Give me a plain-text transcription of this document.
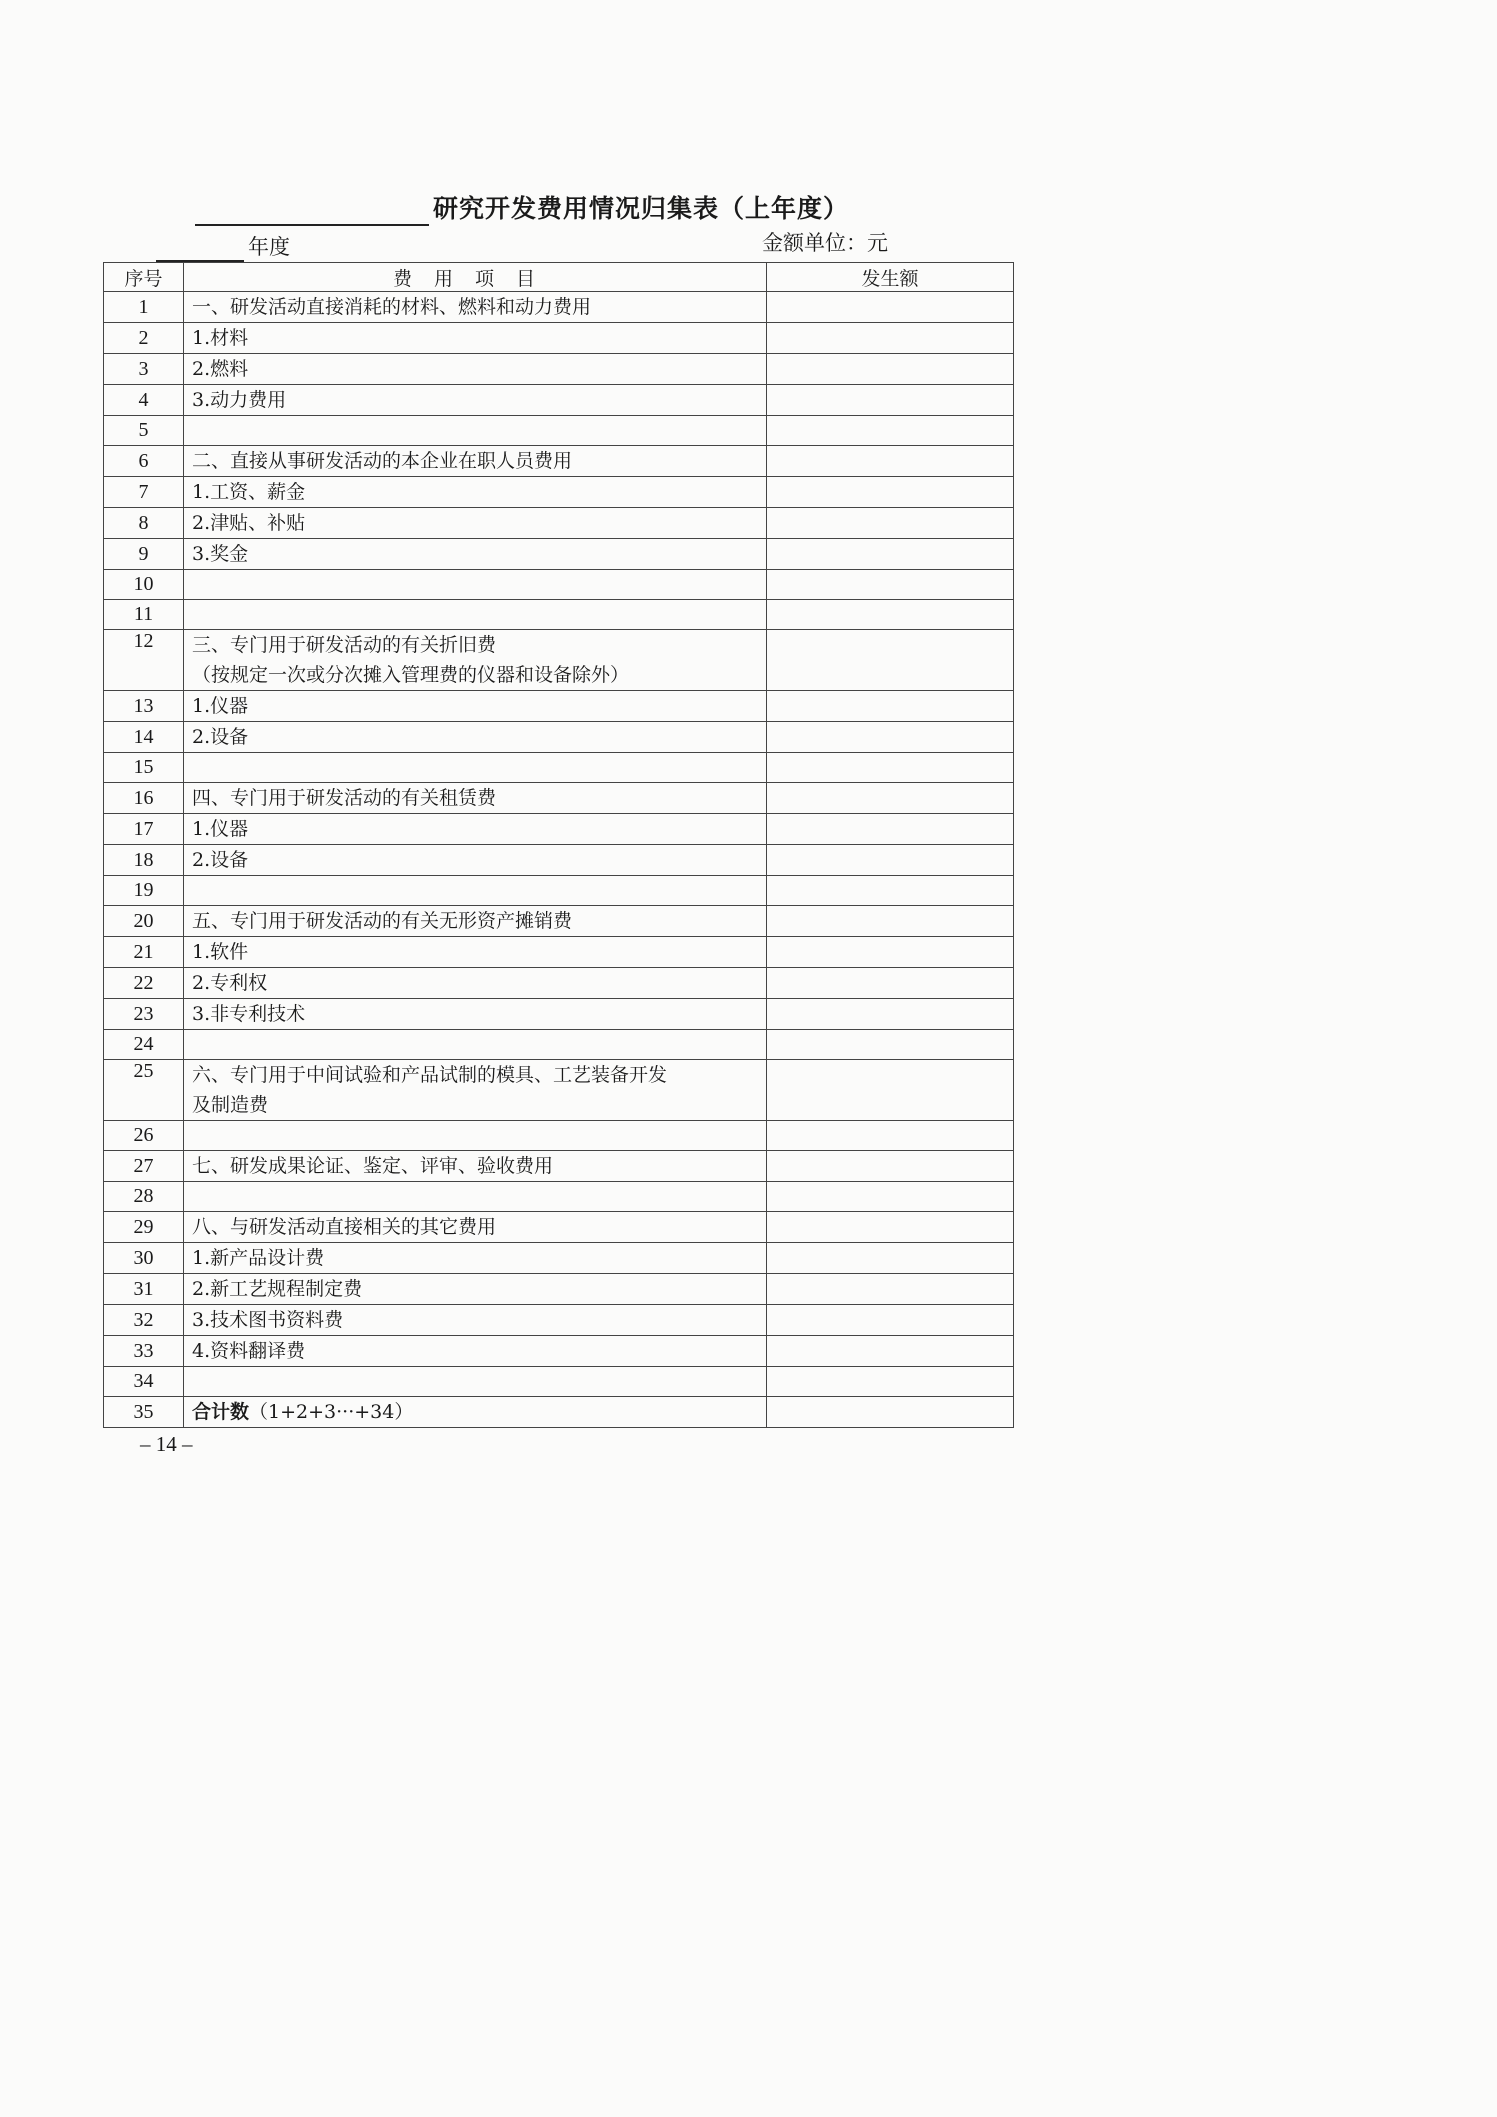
研究开发费用情况归集表（上年度）
年度	金额单位：元
序号	费用项目	发生额
1	一、研发活动直接消耗的材料、燃料和动力费用	

2	1.材料	

3	2.燃料	

4	3.动力费用	

5	

6	二、直接从事研发活动的本企业在职人员费用	

7	1.工资、薪金	

8	2.津贴、补贴	

9	3.奖金	

10	

11	

12	三、专门用于研发活动的有关折旧费
（按规定一次或分次摊入管理费的仪器和设备除外）	

13	1.仪器	

14	2.设备	

15	

16	四、专门用于研发活动的有关租赁费	

17	1.仪器	

18	2.设备	

19	

20	五、专门用于研发活动的有关无形资产摊销费	

21	1.软件	

22	2.专利权	

23	3.非专利技术	

24	

25	六、专门用于中间试验和产品试制的模具、工艺装备开发
及制造费	

26	

27	七、研发成果论证、鉴定、评审、验收费用	

28	

29	八、与研发活动直接相关的其它费用	

30	1.新产品设计费	

31	2.新工艺规程制定费	

32	3.技术图书资料费	

33	4.资料翻译费	

34	

35	合计数（1+2+3···+34）	
– 14 –
